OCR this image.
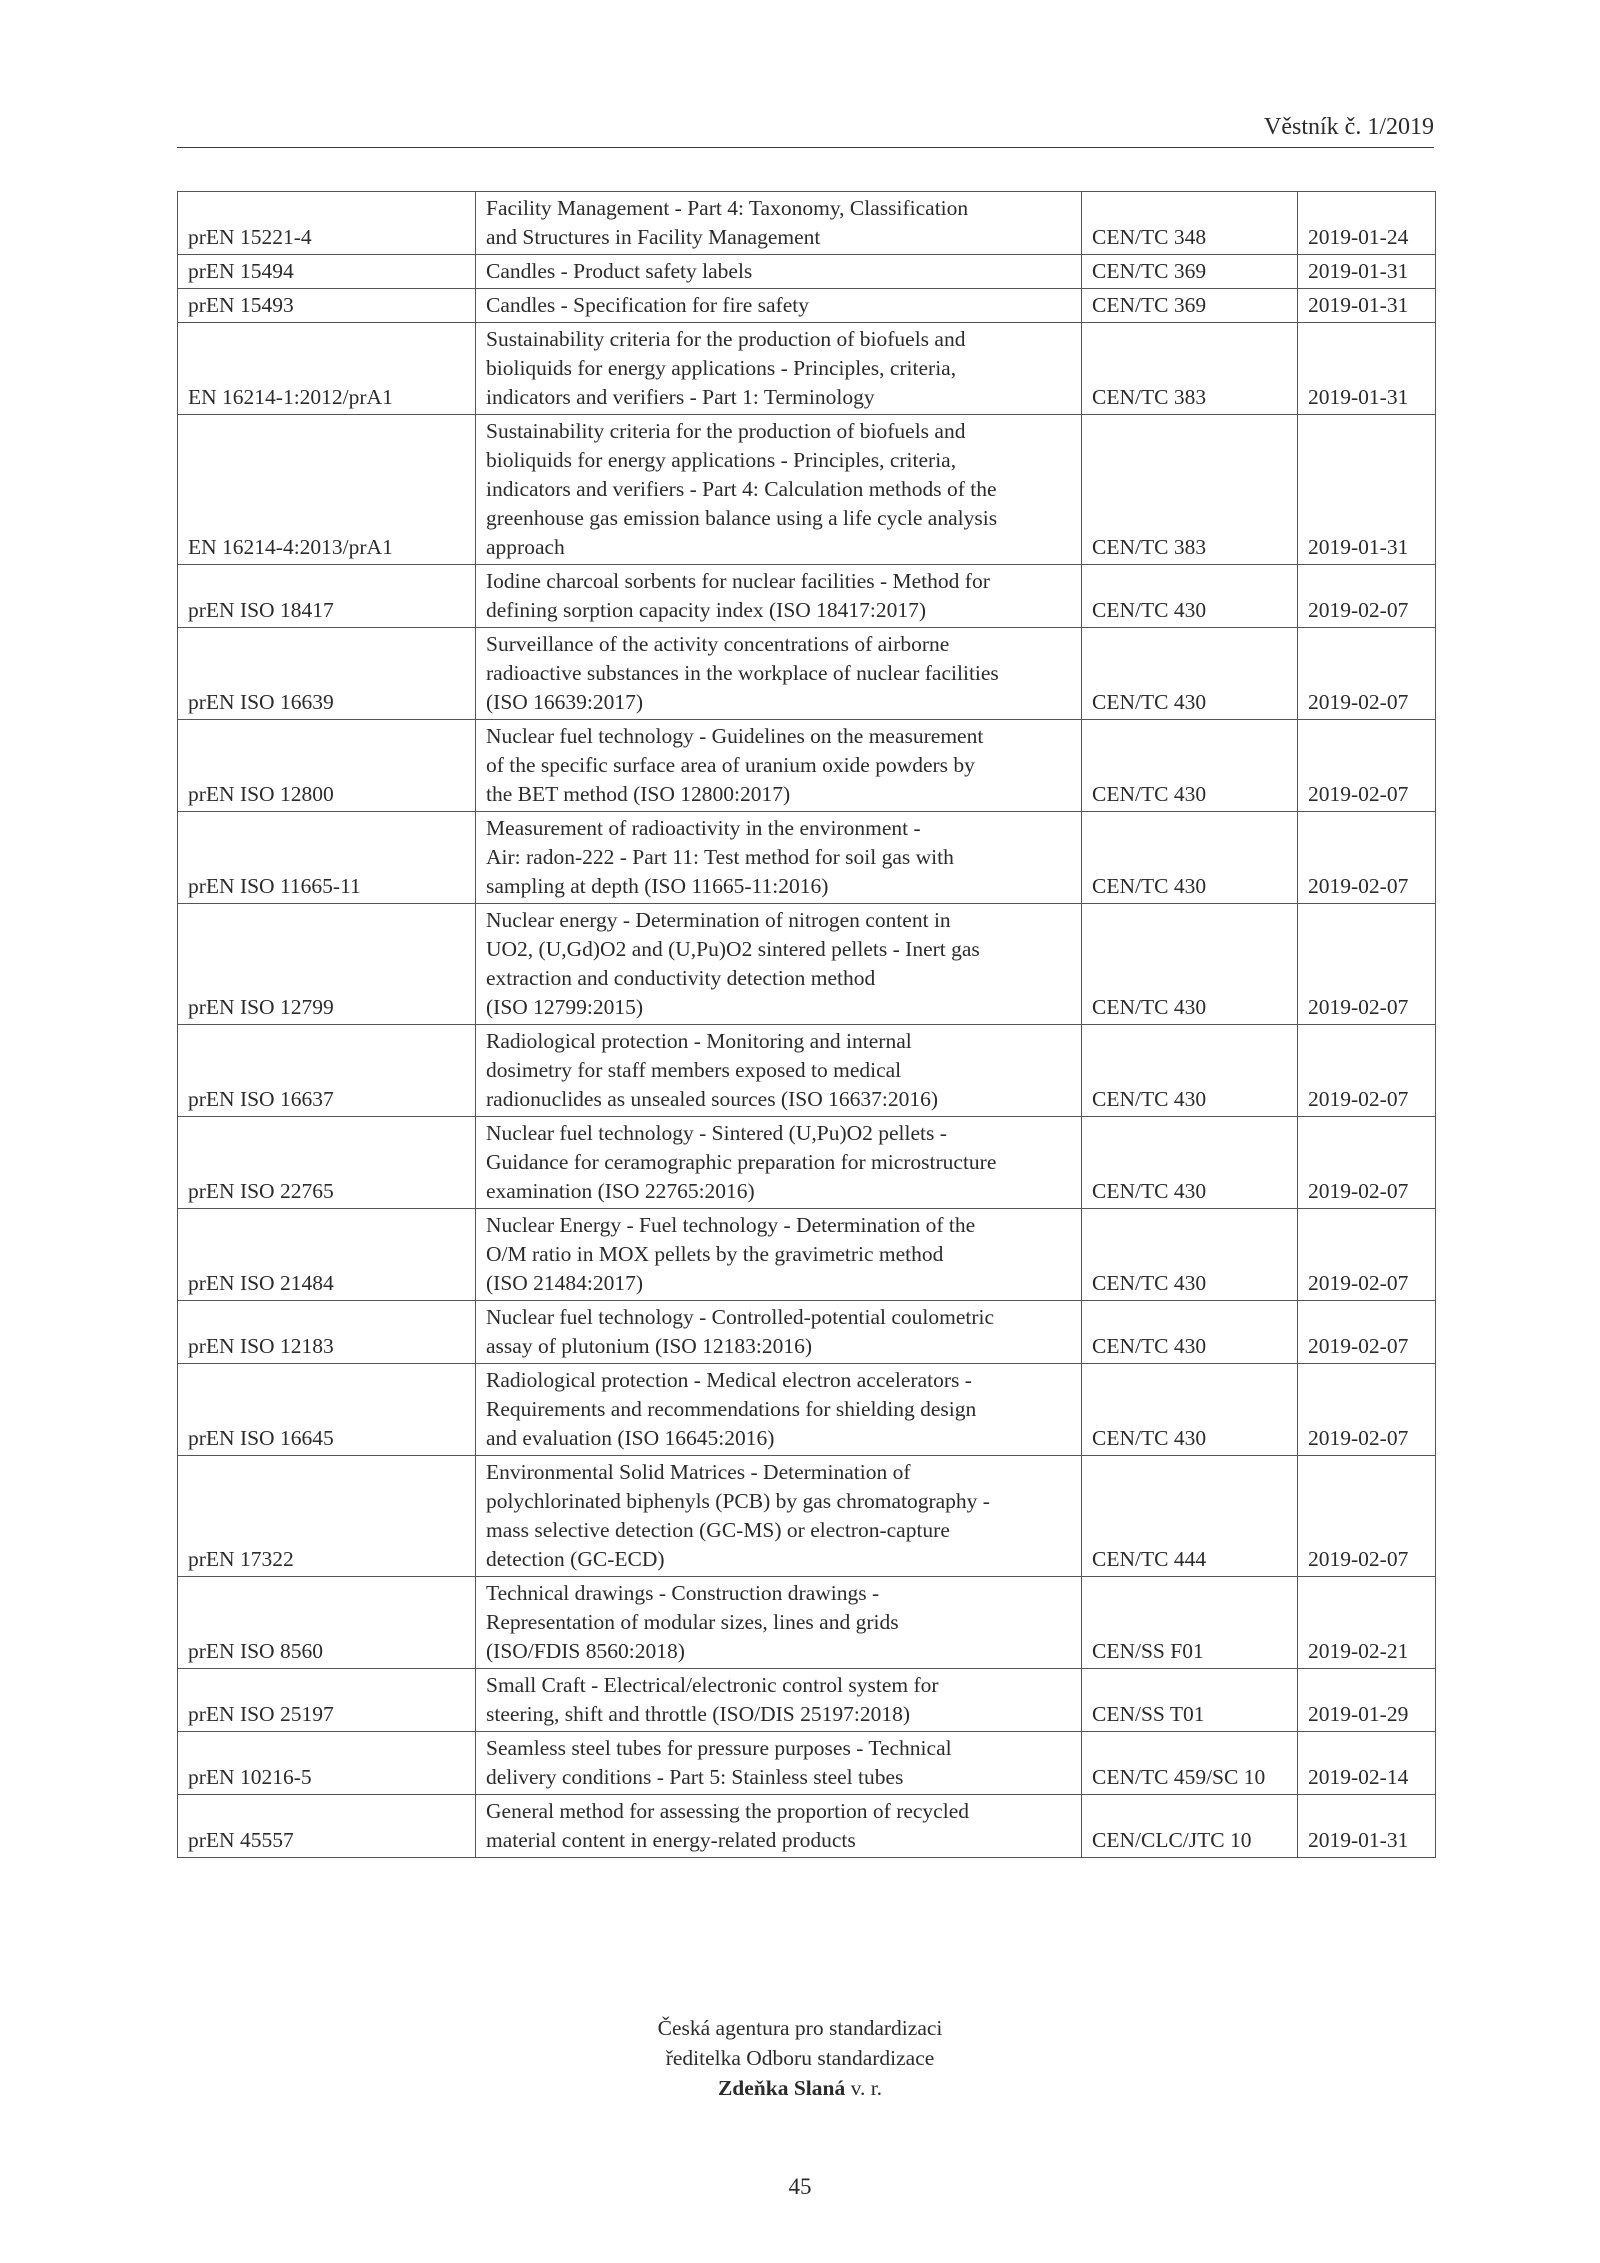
Věstník č. 1/2019
prEN 15221-4	Facility Management - Part 4: Taxonomy, Classification
and Structures in Facility Management	CEN/TC 348	2019-01-24
prEN 15494	Candles - Product safety labels	CEN/TC 369	2019-01-31
prEN 15493	Candles - Specification for fire safety	CEN/TC 369	2019-01-31
EN 16214-1:2012/prA1	Sustainability criteria for the production of biofuels and
bioliquids for energy applications - Principles, criteria,
indicators and verifiers - Part 1: Terminology	CEN/TC 383	2019-01-31
EN 16214-4:2013/prA1	Sustainability criteria for the production of biofuels and
bioliquids for energy applications - Principles, criteria,
indicators and verifiers - Part 4: Calculation methods of the
greenhouse gas emission balance using a life cycle analysis
approach	CEN/TC 383	2019-01-31
prEN ISO 18417	Iodine charcoal sorbents for nuclear facilities - Method for
defining sorption capacity index (ISO 18417:2017)	CEN/TC 430	2019-02-07
prEN ISO 16639	Surveillance of the activity concentrations of airborne
radioactive substances in the workplace of nuclear facilities
(ISO 16639:2017)	CEN/TC 430	2019-02-07
prEN ISO 12800	Nuclear fuel technology - Guidelines on the measurement
of the specific surface area of uranium oxide powders by
the BET method (ISO 12800:2017)	CEN/TC 430	2019-02-07
prEN ISO 11665-11	Measurement of radioactivity in the environment -
Air: radon-222 - Part 11: Test method for soil gas with
sampling at depth (ISO 11665-11:2016)	CEN/TC 430	2019-02-07
prEN ISO 12799	Nuclear energy - Determination of nitrogen content in
UO2, (U,Gd)O2 and (U,Pu)O2 sintered pellets - Inert gas
extraction and conductivity detection method
(ISO 12799:2015)	CEN/TC 430	2019-02-07
prEN ISO 16637	Radiological protection - Monitoring and internal
dosimetry for staff members exposed to medical
radionuclides as unsealed sources (ISO 16637:2016)	CEN/TC 430	2019-02-07
prEN ISO 22765	Nuclear fuel technology - Sintered (U,Pu)O2 pellets -
Guidance for ceramographic preparation for microstructure
examination (ISO 22765:2016)	CEN/TC 430	2019-02-07
prEN ISO 21484	Nuclear Energy - Fuel technology - Determination of the
O/M ratio in MOX pellets by the gravimetric method
(ISO 21484:2017)	CEN/TC 430	2019-02-07
prEN ISO 12183	Nuclear fuel technology - Controlled-potential coulometric
assay of plutonium (ISO 12183:2016)	CEN/TC 430	2019-02-07
prEN ISO 16645	Radiological protection - Medical electron accelerators -
Requirements and recommendations for shielding design
and evaluation (ISO 16645:2016)	CEN/TC 430	2019-02-07
prEN 17322	Environmental Solid Matrices - Determination of
polychlorinated biphenyls (PCB) by gas chromatography -
mass selective detection (GC-MS) or electron-capture
detection (GC-ECD)	CEN/TC 444	2019-02-07
prEN ISO 8560	Technical drawings - Construction drawings -
Representation of modular sizes, lines and grids
(ISO/FDIS 8560:2018)	CEN/SS F01	2019-02-21
prEN ISO 25197	Small Craft - Electrical/electronic control system for
steering, shift and throttle (ISO/DIS 25197:2018)	CEN/SS T01	2019-01-29
prEN 10216-5	Seamless steel tubes for pressure purposes - Technical
delivery conditions - Part 5: Stainless steel tubes	CEN/TC 459/SC 10	2019-02-14
prEN 45557	General method for assessing the proportion of recycled
material content in energy-related products	CEN/CLC/JTC 10	2019-01-31
Česká agentura pro standardizaci
ředitelka Odboru standardizace
Zdeňka Slaná v. r.
45
